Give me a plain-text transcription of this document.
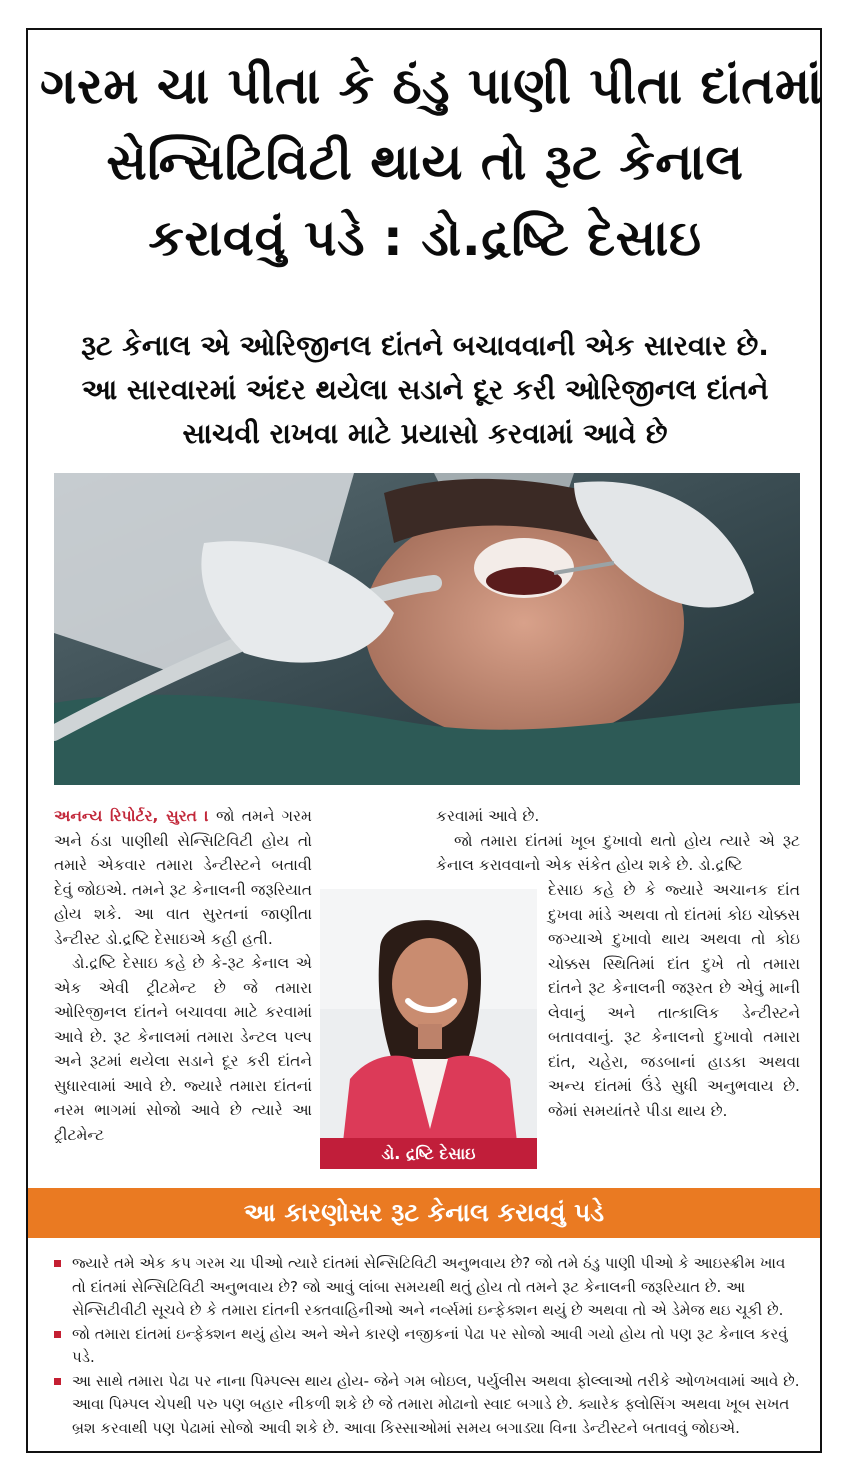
ગરમ ચા પીતા કે ઠંડુ પાણી પીતા દાંતમાં
સેન્સિટિવિટી થાય તો રૂટ કેનાલ
કરાવવું પડે : ડો.દ્રષ્ટિ દેસાઇ
રૂટ કેનાલ એ ઓરિજીનલ દાંતને બચાવવાની એક સારવાર છે.
આ સારવારમાં અંદર થયેલા સડાને દૂર કરી ઓરિજીનલ દાંતને
સાચવી રાખવા માટે પ્રયાસો કરવામાં આવે છે

અનન્ય રિપોર્ટર, સુરત । જો તમને ગરમ અને ઠંડા પાણીથી સેન્સિટિવિટી હોય તો તમારે એકવાર તમારા ડેન્ટીસ્ટને બતાવી દેવું જોઇએ. તમને રૂટ કેનાલની જરૂરિયાત હોય શકે. આ વાત સુરતનાં જાણીતા ડેન્ટીસ્ટ ડો.દ્રષ્ટિ દેસાઇએ કહી હતી.

ડો.દ્રષ્ટિ દેસાઇ કહે છે કે-રૂટ કેનાલ એ એક એવી ટ્રીટમેન્ટ છે જે તમારા ઓરિજીનલ દાંતને બચાવવા માટે કરવામાં આવે છે. રૂટ કેનાલમાં તમારા ડેન્ટલ પલ્પ અને રૂટમાં થયેલા સડાને દૂર કરી દાંતને સુધારવામાં આવે છે. જ્યારે તમારા દાંતનાં નરમ ભાગમાં સોજો આવે છે ત્યારે આ ટ્રીટમેન્ટ

કરવામાં આવે છે.

જો તમારા દાંતમાં ખૂબ દુખાવો થતો હોય ત્યારે એ રૂટ કેનાલ કરાવવાનો એક સંકેત હોય શકે છે. ડો.દ્રષ્ટિ

દેસાઇ કહે છે કે જ્યારે અચાનક દાંત દુખવા માંડે અથવા તો દાંતમાં કોઇ ચોક્કસ જગ્યાએ દુખાવો થાય અથવા તો કોઇ ચોક્કસ સ્થિતિમાં દાંત દુખે તો તમારા દાંતને રૂટ કેનાલની જરૂરત છે એવું માની લેવાનું અને તાત્કાલિક ડેન્ટીસ્ટને બતાવવાનું. રૂટ કેનાલનો દુખાવો તમારા દાંત, ચહેરા, જડબાનાં હાડકા અથવા અન્ય દાંતમાં ઉંડે સુધી અનુભવાય છે. જેમાં સમયાંતરે પીડા થાય છે.

ડો. દ્રષ્ટિ દેસાઇ
આ કારણોસર રૂટ કેનાલ કરાવવું પડે
જ્યારે તમે એક કપ ગરમ ચા પીઓ ત્યારે દાંતમાં સેન્સિટિવિટી અનુભવાય છે? જો તમે ઠંડુ પાણી પીઓ કે આઇસ્ક્રીમ ખાવ તો દાંતમાં સેન્સિટિવિટી અનુભવાય છે? જો આવું લાંબા સમયથી થતું હોય તો તમને રૂટ કેનાલની જરૂરિયાત છે. આ સેન્સિટીવીટી સૂચવે છે કે તમારા દાંતની રક્તવાહિનીઓ અને નર્વ્સમાં ઇન્ફેક્શન થયું છે અથવા તો એ ડેમેજ થઇ ચૂકી છે.
જો તમારા દાંતમાં ઇન્ફેક્શન થયું હોય અને એને કારણે નજીકનાં પેઢા પર સોજો આવી ગયો હોય તો પણ રૂટ કેનાલ કરવું પડે.
આ સાથે તમારા પેઢા પર નાના પિમ્પલ્સ થાય હોય- જેને ગમ બોઇલ, પર્યુલીસ અથવા ફોલ્લાઓ તરીકે ઓળખવામાં આવે છે. આવા પિમ્પલ ચેપથી પરુ પણ બહાર નીકળી શકે છે જે તમારા મોઢાનો સ્વાદ બગાડે છે. ક્યારેક ફ્લોસિંગ અથવા ખૂબ સખત બ્રશ કરવાથી પણ પેઢામાં સોજો આવી શકે છે. આવા કિસ્સાઓમાં સમય બગાડ્યા વિના ડેન્ટીસ્ટને બતાવવું જોઇએ.
